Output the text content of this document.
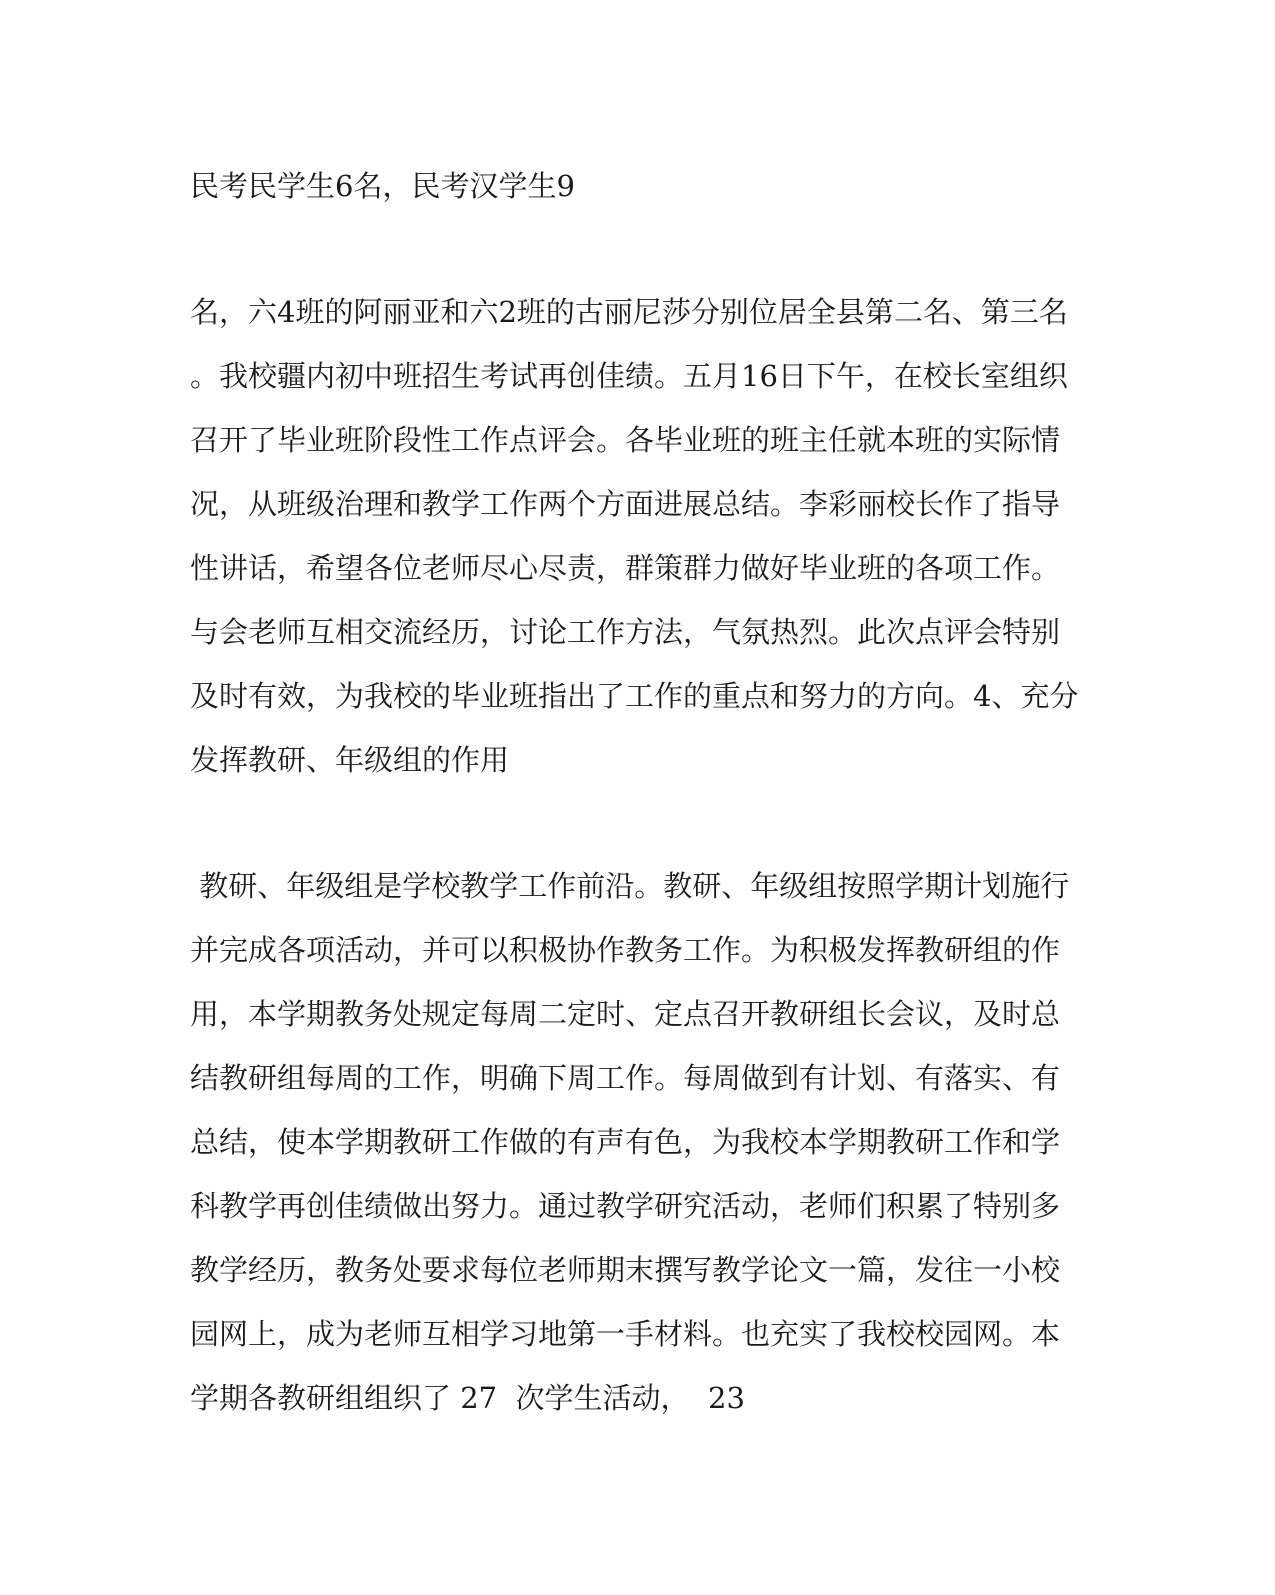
民考民学生6名，民考汉学生9
名，六4班的阿丽亚和六2班的古丽尼莎分别位居全县第二名、第三名
。我校疆内初中班招生考试再创佳绩。五月16日下午，在校长室组织
召开了毕业班阶段性工作点评会。各毕业班的班主任就本班的实际情
况，从班级治理和教学工作两个方面进展总结。李彩丽校长作了指导
性讲话，希望各位老师尽心尽责，群策群力做好毕业班的各项工作。
与会老师互相交流经历，讨论工作方法，气氛热烈。此次点评会特别
及时有效，为我校的毕业班指出了工作的重点和努力的方向。4、充分
发挥教研、年级组的作用
教研、年级组是学校教学工作前沿。教研、年级组按照学期计划施行
并完成各项活动，并可以积极协作教务工作。为积极发挥教研组的作
用，本学期教务处规定每周二定时、定点召开教研组长会议，及时总
结教研组每周的工作，明确下周工作。每周做到有计划、有落实、有
总结，使本学期教研工作做的有声有色，为我校本学期教研工作和学
科教学再创佳绩做出努力。通过教学研究活动，老师们积累了特别多
教学经历，教务处要求每位老师期末撰写教学论文一篇，发往一小校
园网上，成为老师互相学习地第一手材料。也充实了我校校园网。本
学期各教研组组织了 27  次学生活动，  23
